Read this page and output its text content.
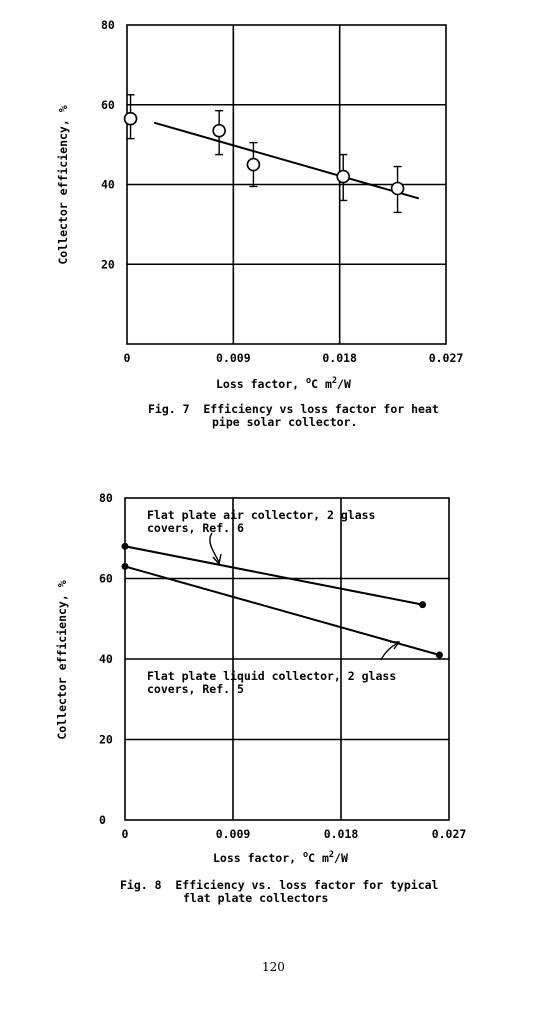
0	0.009	0.018	0.027
20
40
60
80
Collector efficiency, %
Loss factor, $^o$C $m^2/W$
Fig. 7  Efficiency vs loss factor for heat
pipe solar collector.
0	0.009	0.018	0.027
0
20
40
60
80
Flat plate air collector, 2 glass
covers, Ref. 6
Flat plate liquid collector, 2 glass
covers, Ref. 5
Collector efficiency, %
Loss factor, $^o$C $m^2/W$
Fig. 8  Efficiency vs. loss factor for typical
flat plate collectors
120
